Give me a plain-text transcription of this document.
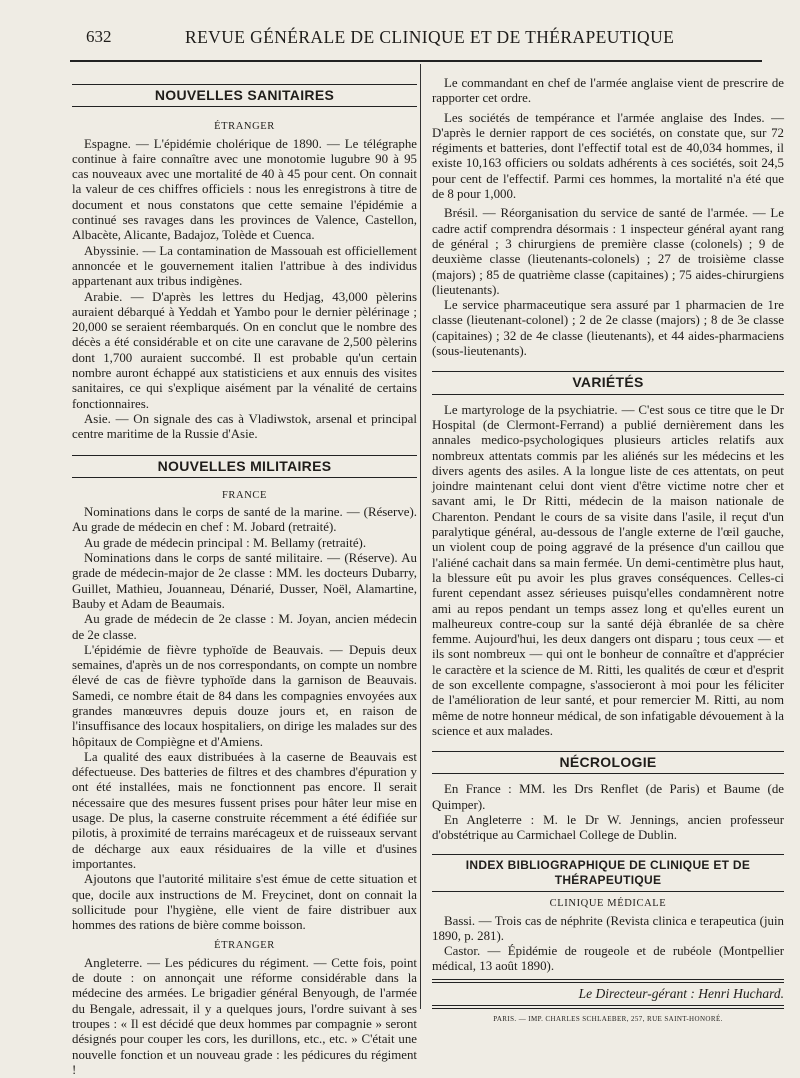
632	REVUE GÉNÉRALE DE CLINIQUE ET DE THÉRAPEUTIQUE
NOUVELLES SANITAIRES
ÉTRANGER

Espagne. — L'épidémie cholérique de 1890. — Le télégraphe continue à faire connaître avec une monotomie lugubre 90 à 95 cas nouveaux avec une mortalité de 40 à 45 pour cent. On connait la valeur de ces chiffres officiels : nous les enregistrons à titre de document et nous constatons que cette semaine l'épidémie a continué ses ravages dans les provinces de Valence, Castellon, Albacète, Alicante, Badajoz, Tolède et Cuenca.

Abyssinie. — La contamination de Massouah est officiellement annoncée et le gouvernement italien l'attribue à des individus appartenant aux tribus indigènes.

Arabie. — D'après les lettres du Hedjag, 43,000 pèlerins auraient débarqué à Yeddah et Yambo pour le dernier pèlérinage ; 20,000 se seraient réembarqués. On en conclut que le nombre des décès a été considérable et on cite une caravane de 2,500 pèlerins dont 1,700 auraient succombé. Il est probable qu'un certain nombre auront échappé aux statisticiens et aux ennuis des visites sanitaires, ce qui s'explique aisément par la vénalité de certains fonctionnaires.

Asie. — On signale des cas à Vladiwstok, arsenal et principal centre maritime de la Russie d'Asie.

NOUVELLES MILITAIRES
FRANCE

Nominations dans le corps de santé de la marine. — (Réserve). Au grade de médecin en chef : M. Jobard (retraité).

Au grade de médecin principal : M. Bellamy (retraité).

Nominations dans le corps de santé militaire. — (Réserve). Au grade de médecin-major de 2e classe : MM. les docteurs Dubarry, Guillet, Mathieu, Jouanneau, Dénarié, Dusser, Noël, Alamartine, Bauby et Adam de Beaumais.

Au grade de médecin de 2e classe : M. Joyan, ancien médecin de 2e classe.

L'épidémie de fièvre typhoïde de Beauvais. — Depuis deux semaines, d'après un de nos correspondants, on compte un nombre élevé de cas de fièvre typhoïde dans la garnison de Beauvais. Samedi, ce nombre était de 84 dans les compagnies envoyées aux grandes manœuvres depuis douze jours et, en raison de l'insuffisance des locaux hospitaliers, on dirige les malades sur des hôpitaux de Compiègne et d'Amiens.

La qualité des eaux distribuées à la caserne de Beauvais est défectueuse. Des batteries de filtres et des chambres d'épuration y ont été installées, mais ne fonctionnent pas encore. Il serait nécessaire que des mesures fussent prises pour hâter leur mise en usage. De plus, la caserne construite récemment a été édifiée sur pilotis, à proximité de terrains marécageux et de ruisseaux servant de décharge aux eaux résiduaires de la ville et d'usines importantes.

Ajoutons que l'autorité militaire s'est émue de cette situation et que, docile aux instructions de M. Freycinet, dont on connait la sollicitude pour l'hygiène, elle vient de faire distribuer aux hommes des rations de bière comme boisson.

ÉTRANGER

Angleterre. — Les pédicures du régiment. — Cette fois, point de doute : on annonçait une réforme considérable dans la médecine des armées. Le brigadier général Benyough, de l'armée du Bengale, adressait, il y a quelques jours, l'ordre suivant à ses troupes : « Il est décidé que deux hommes par compagnie » seront désignés pour couper les cors, les durillons, etc., etc. » C'était une nouvelle fonction et un nouveau grade : les pédicures du régiment !

Le commandant en chef de l'armée anglaise vient de prescrire de rapporter cet ordre.

Les sociétés de tempérance et l'armée anglaise des Indes. — D'après le dernier rapport de ces sociétés, on constate que, sur 72 régiments et batteries, dont l'effectif total est de 40,034 hommes, il existe 10,163 officiers ou soldats adhérents à ces sociétés, soit 24,5 pour cent de l'effectif. Parmi ces hommes, la mortalité n'a été que de 8 pour 1,000.

Brésil. — Réorganisation du service de santé de l'armée. — Le cadre actif comprendra désormais : 1 inspecteur général ayant rang de général ; 3 chirurgiens de première classe (colonels) ; 9 de deuxième classe (lieutenants-colonels) ; 27 de troisième classe (majors) ; 85 de quatrième classe (capitaines) ; 75 aides-chirurgiens (lieutenants).

Le service pharmaceutique sera assuré par 1 pharmacien de 1re classe (lieutenant-colonel) ; 2 de 2e classe (majors) ; 8 de 3e classe (capitaines) ; 32 de 4e classe (lieutenants), et 44 aides-pharmaciens (sous-lieutenants).

VARIÉTÉS

Le martyrologe de la psychiatrie. — C'est sous ce titre que le Dr Hospital (de Clermont-Ferrand) a publié dernièrement dans les annales medico-psychologiques plusieurs articles relatifs aux nombreux attentats commis par les aliénés sur les médecins et les divers agents des asiles. A la longue liste de ces attentats, on peut joindre maintenant celui dont vient d'être victime notre cher et savant ami, le Dr Ritti, médecin de la maison nationale de Charenton. Pendant le cours de sa visite dans l'asile, il reçut d'un paralytique général, au-dessous de l'angle externe de l'œil gauche, un violent coup de poing aggravé de la présence d'un caillou que l'aliéné cachait dans sa main fermée. Un demi-centimètre plus haut, la blessure eût pu avoir les plus graves conséquences. Celles-ci furent cependant assez sérieuses puisqu'elles condamnèrent notre ami au repos pendant un temps assez long et qu'elles eurent un malheureux contre-coup sur la santé déjà ébranlée de sa chère femme. Aujourd'hui, les deux dangers ont disparu ; tous ceux — et ils sont nombreux — qui ont le bonheur de connaître et d'apprécier le caractère et la science de M. Ritti, les qualités de cœur et d'esprit de son excellente compagne, s'associeront à moi pour les féliciter de l'amélioration de leur santé, et pour remercier M. Ritti, au nom même de notre honneur médical, de son infatigable dévouement à la science et aux malades.

NÉCROLOGIE

En France : MM. les Drs Renflet (de Paris) et Baume (de Quimper).

En Angleterre : M. le Dr W. Jennings, ancien professeur d'obstétrique au Carmichael College de Dublin.

INDEX BIBLIOGRAPHIQUE DE CLINIQUE ET DE THÉRAPEUTIQUE
CLINIQUE MÉDICALE

Bassi. — Trois cas de néphrite (Revista clinica e terapeutica (juin 1890, p. 281).

Castor. — Épidémie de rougeole et de rubéole (Montpellier médical, 13 août 1890).

Le Directeur-gérant : Henri Huchard.
PARIS. — IMP. CHARLES SCHLAEBER, 257, RUE SAINT-HONORÉ.
